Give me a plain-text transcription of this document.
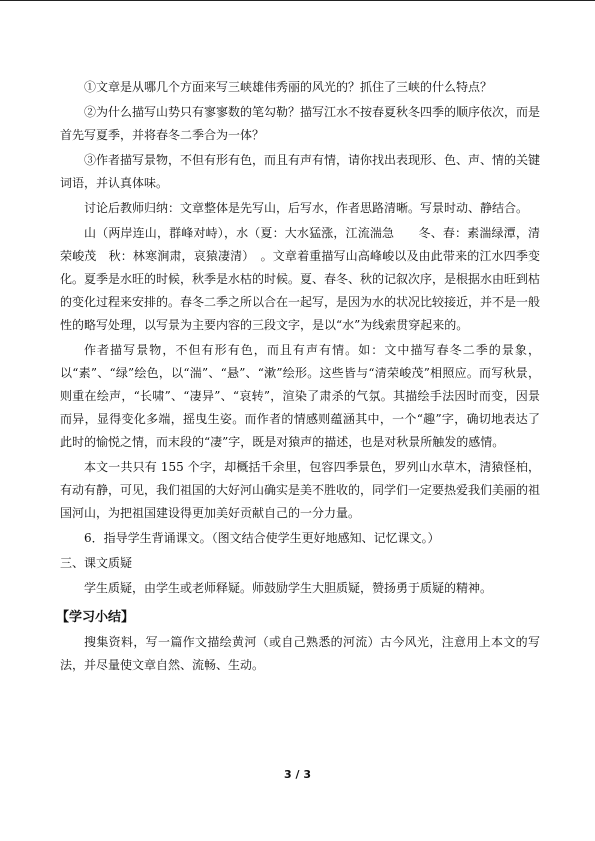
①文章是从哪几个方面来写三峡雄伟秀丽的风光的？抓住了三峡的什么特点？

②为什么描写山势只有寥寥数的笔勾勒？描写江水不按春夏秋冬四季的顺序依次，而是首先写夏季，并将春冬二季合为一体？

③作者描写景物，不但有形有色，而且有声有情，请你找出表现形、色、声、情的关键词语，并认真体味。

讨论后教师归纳：文章整体是先写山，后写水，作者思路清晰。写景时动、静结合。

山（两岸连山，群峰对峙），水（夏：大水猛涨，江流湍急　　冬、春：素湍绿潭，清荣峻茂　秋：林寒涧肃，哀猿凄清）　。文章着重描写山高峰峻以及由此带来的江水四季变化。夏季是水旺的时候，秋季是水枯的时候。夏、春冬、秋的记叙次序，是根据水由旺到枯的变化过程来安排的。春冬二季之所以合在一起写，是因为水的状况比较接近，并不是一般性的略写处理，以写景为主要内容的三段文字，是以“水”为线索贯穿起来的。

作者描写景物，不但有形有色，而且有声有情。如：文中描写春冬二季的景象，以“素”、“绿”绘色，以“湍”、“悬”、“漱”绘形。这些皆与“清荣峻茂”相照应。而写秋景，则重在绘声，“长啸”、“凄异”、“哀转”，渲染了肃杀的气氛。其描绘手法因时而变，因景而异，显得变化多端，摇曳生姿。而作者的情感则蕴涵其中，一个“趣”字，确切地表达了此时的愉悦之情，而末段的“凄”字，既是对猿声的描述，也是对秋景所触发的感情。

本文一共只有 155 个字，却概括千余里，包容四季景色，罗列山水草木，清猿怪柏，有动有静，可见，我们祖国的大好河山确实是美不胜收的，同学们一定要热爱我们美丽的祖国河山，为把祖国建设得更加美好贡献自己的一分力量。

6．指导学生背诵课文。（图文结合使学生更好地感知、记忆课文。）

三、课文质疑

学生质疑，由学生或老师释疑。师鼓励学生大胆质疑，赞扬勇于质疑的精神。

【学习小结】

搜集资料，写一篇作文描绘黄河（或自己熟悉的河流）古今风光，注意用上本文的写法，并尽量使文章自然、流畅、生动。

3 / 3
